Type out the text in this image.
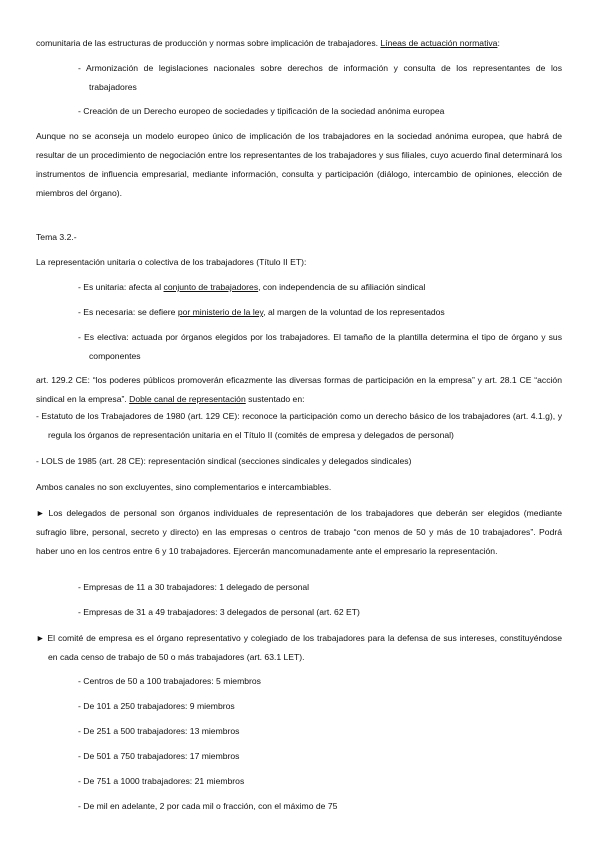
comunitaria de las estructuras de producción y normas sobre implicación de trabajadores. Líneas de actuación normativa:
- Armonización de legislaciones nacionales sobre derechos de información y consulta de los representantes de los trabajadores
- Creación de un Derecho europeo de sociedades y tipificación de la sociedad anónima europea
Aunque no se aconseja un modelo europeo único de implicación de los trabajadores en la sociedad anónima europea, que habrá de resultar de un procedimiento de negociación entre los representantes de los trabajadores y sus filiales, cuyo acuerdo final determinará los instrumentos de influencia empresarial, mediante información, consulta y participación (diálogo, intercambio de opiniones, elección de miembros del órgano).
Tema 3.2.-
La representación unitaria o colectiva de los trabajadores (Título II ET):
- Es unitaria: afecta al conjunto de trabajadores, con independencia de su afiliación sindical
- Es necesaria: se defiere por ministerio de la ley, al margen de la voluntad de los representados
- Es electiva: actuada por órganos elegidos por los trabajadores. El tamaño de la plantilla determina el tipo de órgano y sus componentes
art. 129.2 CE: “los poderes públicos promoverán eficazmente las diversas formas de participación en la empresa” y art. 28.1 CE “acción sindical en la empresa”. Doble canal de representación sustentado en:
- Estatuto de los Trabajadores de 1980 (art. 129 CE): reconoce la participación como un derecho básico de los trabajadores (art. 4.1.g), y regula los órganos de representación unitaria en el Título II (comités de empresa y delegados de personal)
- LOLS de 1985 (art. 28 CE): representación sindical (secciones sindicales y delegados sindicales)
Ambos canales no son excluyentes, sino complementarios e intercambiables.
► Los delegados de personal son órganos individuales de representación de los trabajadores que deberán ser elegidos (mediante sufragio libre, personal, secreto y directo) en las empresas o centros de trabajo “con menos de 50 y más de 10 trabajadores”. Podrá haber uno en los centros entre 6 y 10 trabajadores. Ejercerán mancomunadamente ante el empresario la representación.
- Empresas de 11 a 30 trabajadores: 1 delegado de personal
- Empresas de 31 a 49 trabajadores: 3 delegados de personal (art. 62 ET)
► El comité de empresa es el órgano representativo y colegiado de los trabajadores para la defensa de sus intereses, constituyéndose en cada censo de trabajo de 50 o más trabajadores (art. 63.1 LET).
- Centros de 50 a 100 trabajadores: 5 miembros
- De 101 a 250 trabajadores: 9 miembros
- De 251 a 500 trabajadores: 13 miembros
- De 501 a 750 trabajadores: 17 miembros
- De 751 a 1000 trabajadores: 21 miembros
- De mil en adelante, 2 por cada mil o fracción, con el máximo de 75
